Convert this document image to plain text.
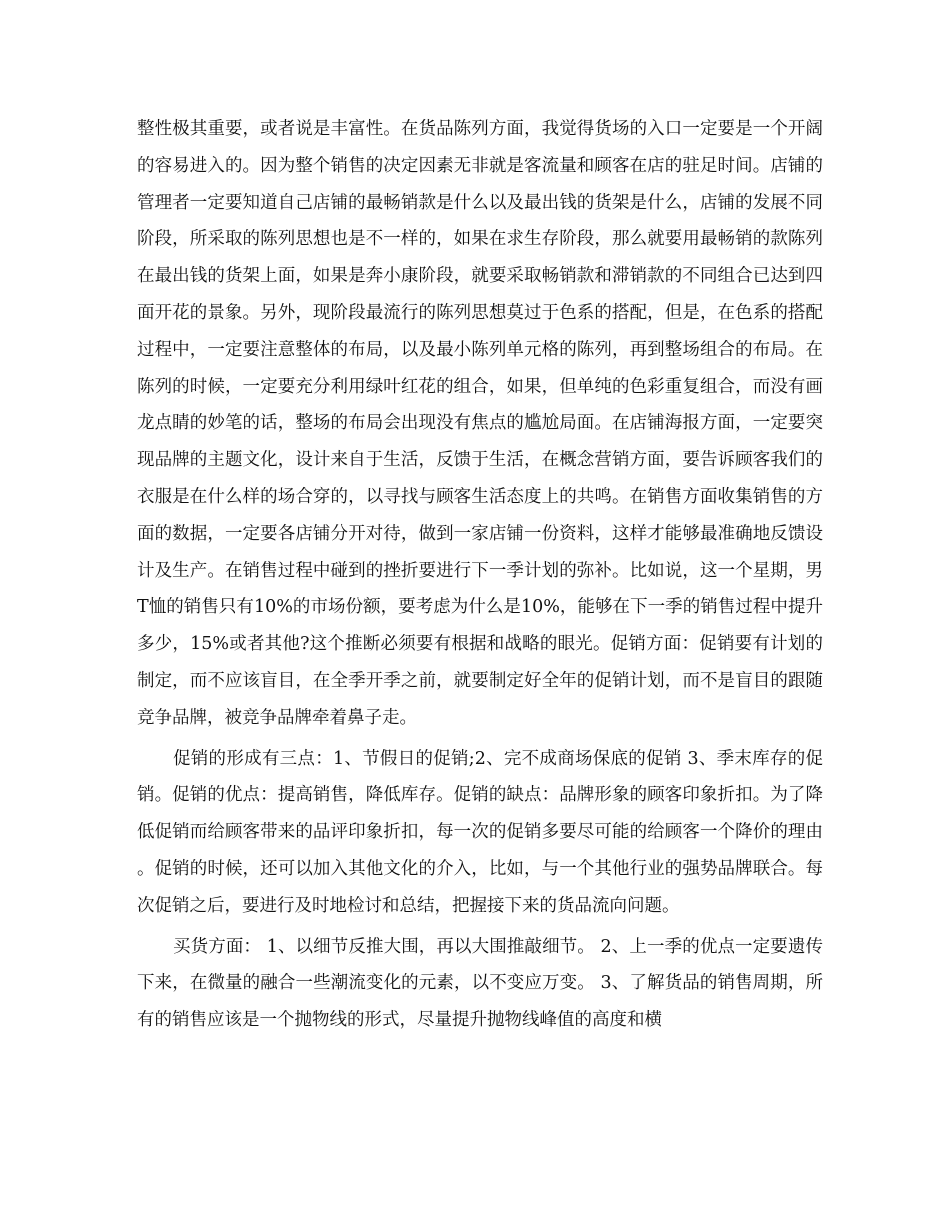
整性极其重要，或者说是丰富性。在货品陈列方面，我觉得货场的入口一定要是一个开阔的容易进入的。因为整个销售的决定因素无非就是客流量和顾客在店的驻足时间。店铺的管理者一定要知道自己店铺的最畅销款是什么以及最出钱的货架是什么，店铺的发展不同阶段，所采取的陈列思想也是不一样的，如果在求生存阶段，那么就要用最畅销的款陈列在最出钱的货架上面，如果是奔小康阶段，就要采取畅销款和滞销款的不同组合已达到四面开花的景象。另外，现阶段最流行的陈列思想莫过于色系的搭配，但是，在色系的搭配过程中，一定要注意整体的布局，以及最小陈列单元格的陈列，再到整场组合的布局。在陈列的时候，一定要充分利用绿叶红花的组合，如果，但单纯的色彩重复组合，而没有画龙点睛的妙笔的话，整场的布局会出现没有焦点的尴尬局面。在店铺海报方面，一定要突现品牌的主题文化，设计来自于生活，反馈于生活，在概念营销方面，要告诉顾客我们的衣服是在什么样的场合穿的，以寻找与顾客生活态度上的共鸣。在销售方面收集销售的方面的数据，一定要各店铺分开对待，做到一家店铺一份资料，这样才能够最准确地反馈设计及生产。在销售过程中碰到的挫折要进行下一季计划的弥补。比如说，这一个星期，男T恤的销售只有10%的市场份额，要考虑为什么是10%，能够在下一季的销售过程中提升多少，15%或者其他?这个推断必须要有根据和战略的眼光。促销方面：促销要有计划的制定，而不应该盲目，在全季开季之前，就要制定好全年的促销计划，而不是盲目的跟随竞争品牌，被竞争品牌牵着鼻子走。

促销的形成有三点：1、节假日的促销;2、完不成商场保底的促销 3、季末库存的促销。促销的优点：提高销售，降低库存。促销的缺点：品牌形象的顾客印象折扣。为了降低促销而给顾客带来的品评印象折扣，每一次的促销多要尽可能的给顾客一个降价的理由。促销的时候，还可以加入其他文化的介入，比如，与一个其他行业的强势品牌联合。每次促销之后，要进行及时地检讨和总结，把握接下来的货品流向问题。

买货方面： 1、以细节反推大围，再以大围推敲细节。 2、上一季的优点一定要遗传下来，在微量的融合一些潮流变化的元素，以不变应万变。 3、了解货品的销售周期，所有的销售应该是一个抛物线的形式，尽量提升抛物线峰值的高度和横
